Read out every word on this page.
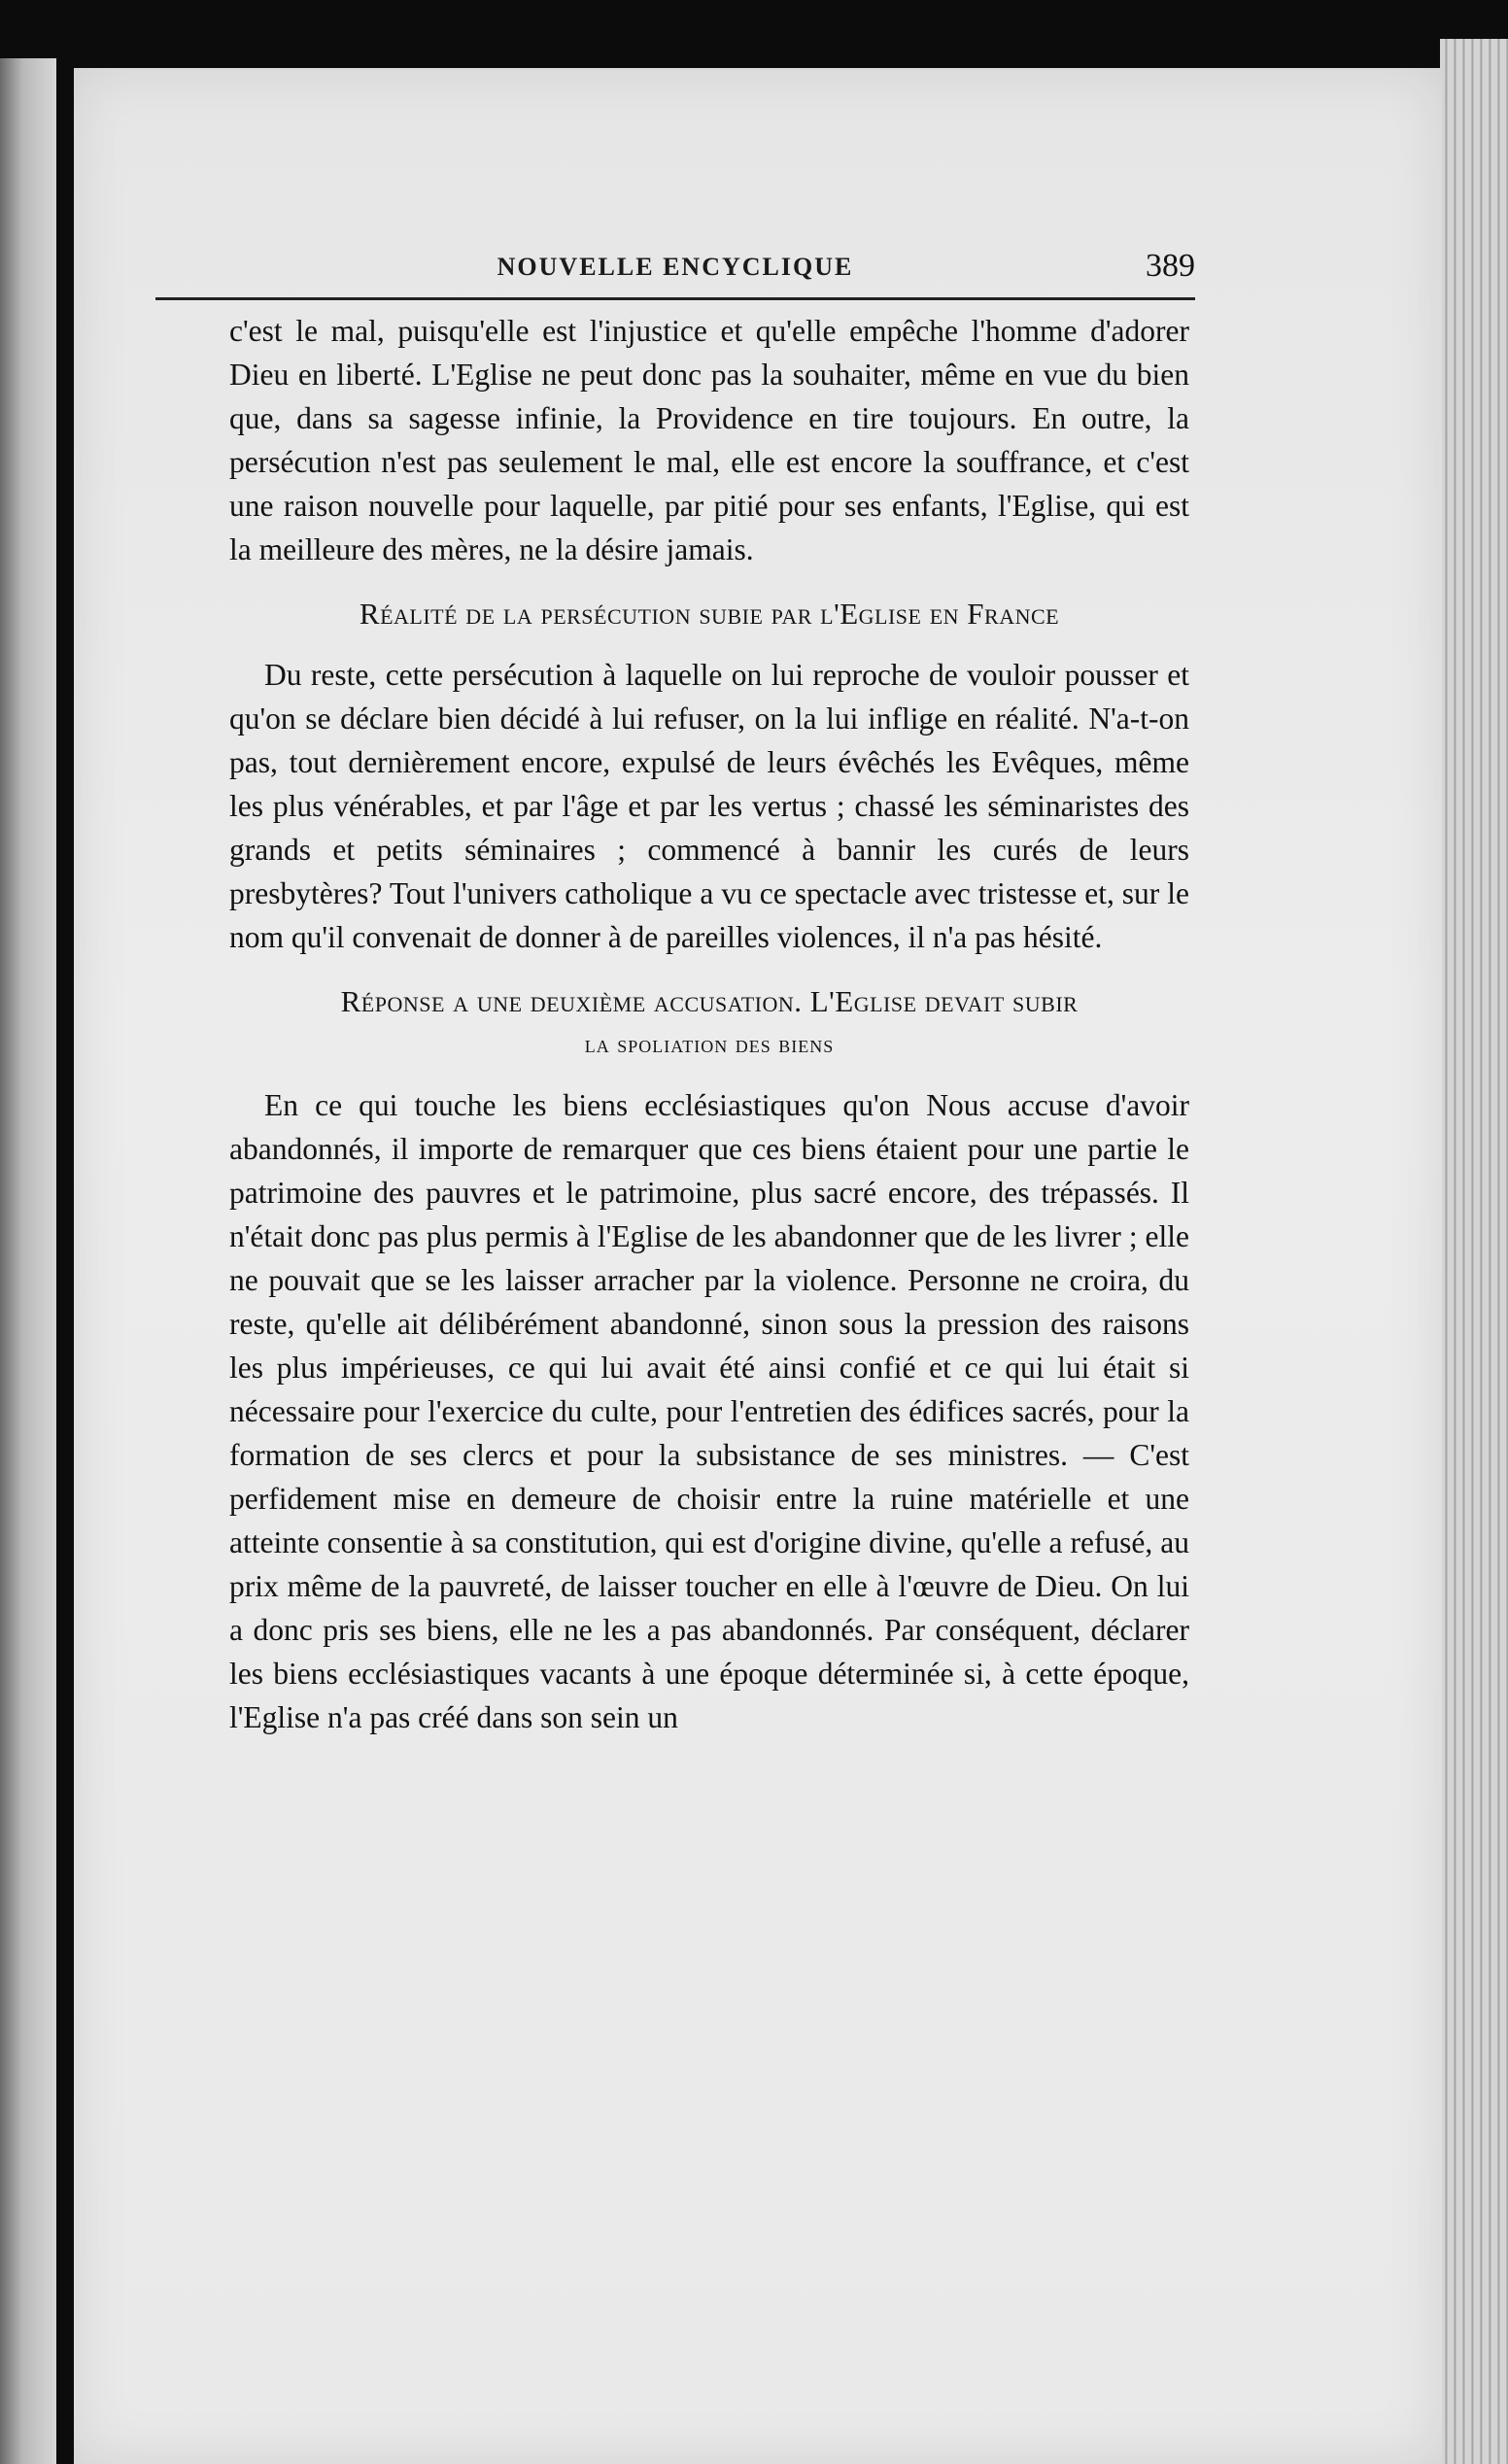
NOUVELLE ENCYCLIQUE	389

c'est le mal, puisqu'elle est l'injustice et qu'elle empêche l'homme d'adorer Dieu en liberté. L'Eglise ne peut donc pas la souhaiter, même en vue du bien que, dans sa sagesse infinie, la Providence en tire toujours. En outre, la persécution n'est pas seulement le mal, elle est encore la souffrance, et c'est une raison nouvelle pour laquelle, par pitié pour ses enfants, l'Eglise, qui est la meilleure des mères, ne la désire jamais.

Réalité de la persécution subie par l'Eglise en France

Du reste, cette persécution à laquelle on lui reproche de vouloir pousser et qu'on se déclare bien décidé à lui refuser, on la lui inflige en réalité. N'a-t-on pas, tout dernièrement encore, expulsé de leurs évêchés les Evêques, même les plus vénérables, et par l'âge et par les vertus ; chassé les séminaristes des grands et petits séminaires ; commencé à bannir les curés de leurs presbytères? Tout l'univers catholique a vu ce spectacle avec tristesse et, sur le nom qu'il convenait de donner à de pareilles violences, il n'a pas hésité.

Réponse a une deuxième accusation. L'Eglise devait subir
la spoliation des biens

En ce qui touche les biens ecclésiastiques qu'on Nous accuse d'avoir abandonnés, il importe de remarquer que ces biens étaient pour une partie le patrimoine des pauvres et le patrimoine, plus sacré encore, des trépassés. Il n'était donc pas plus permis à l'Eglise de les abandonner que de les livrer ; elle ne pouvait que se les laisser arracher par la violence. Personne ne croira, du reste, qu'elle ait délibérément abandonné, sinon sous la pression des raisons les plus impérieuses, ce qui lui avait été ainsi confié et ce qui lui était si nécessaire pour l'exercice du culte, pour l'entretien des édifices sacrés, pour la formation de ses clercs et pour la subsistance de ses ministres. — C'est perfidement mise en demeure de choisir entre la ruine matérielle et une atteinte consentie à sa constitution, qui est d'origine divine, qu'elle a refusé, au prix même de la pauvreté, de laisser toucher en elle à l'œuvre de Dieu. On lui a donc pris ses biens, elle ne les a pas abandonnés. Par conséquent, déclarer les biens ecclésiastiques vacants à une époque déterminée si, à cette époque, l'Eglise n'a pas créé dans son sein un
